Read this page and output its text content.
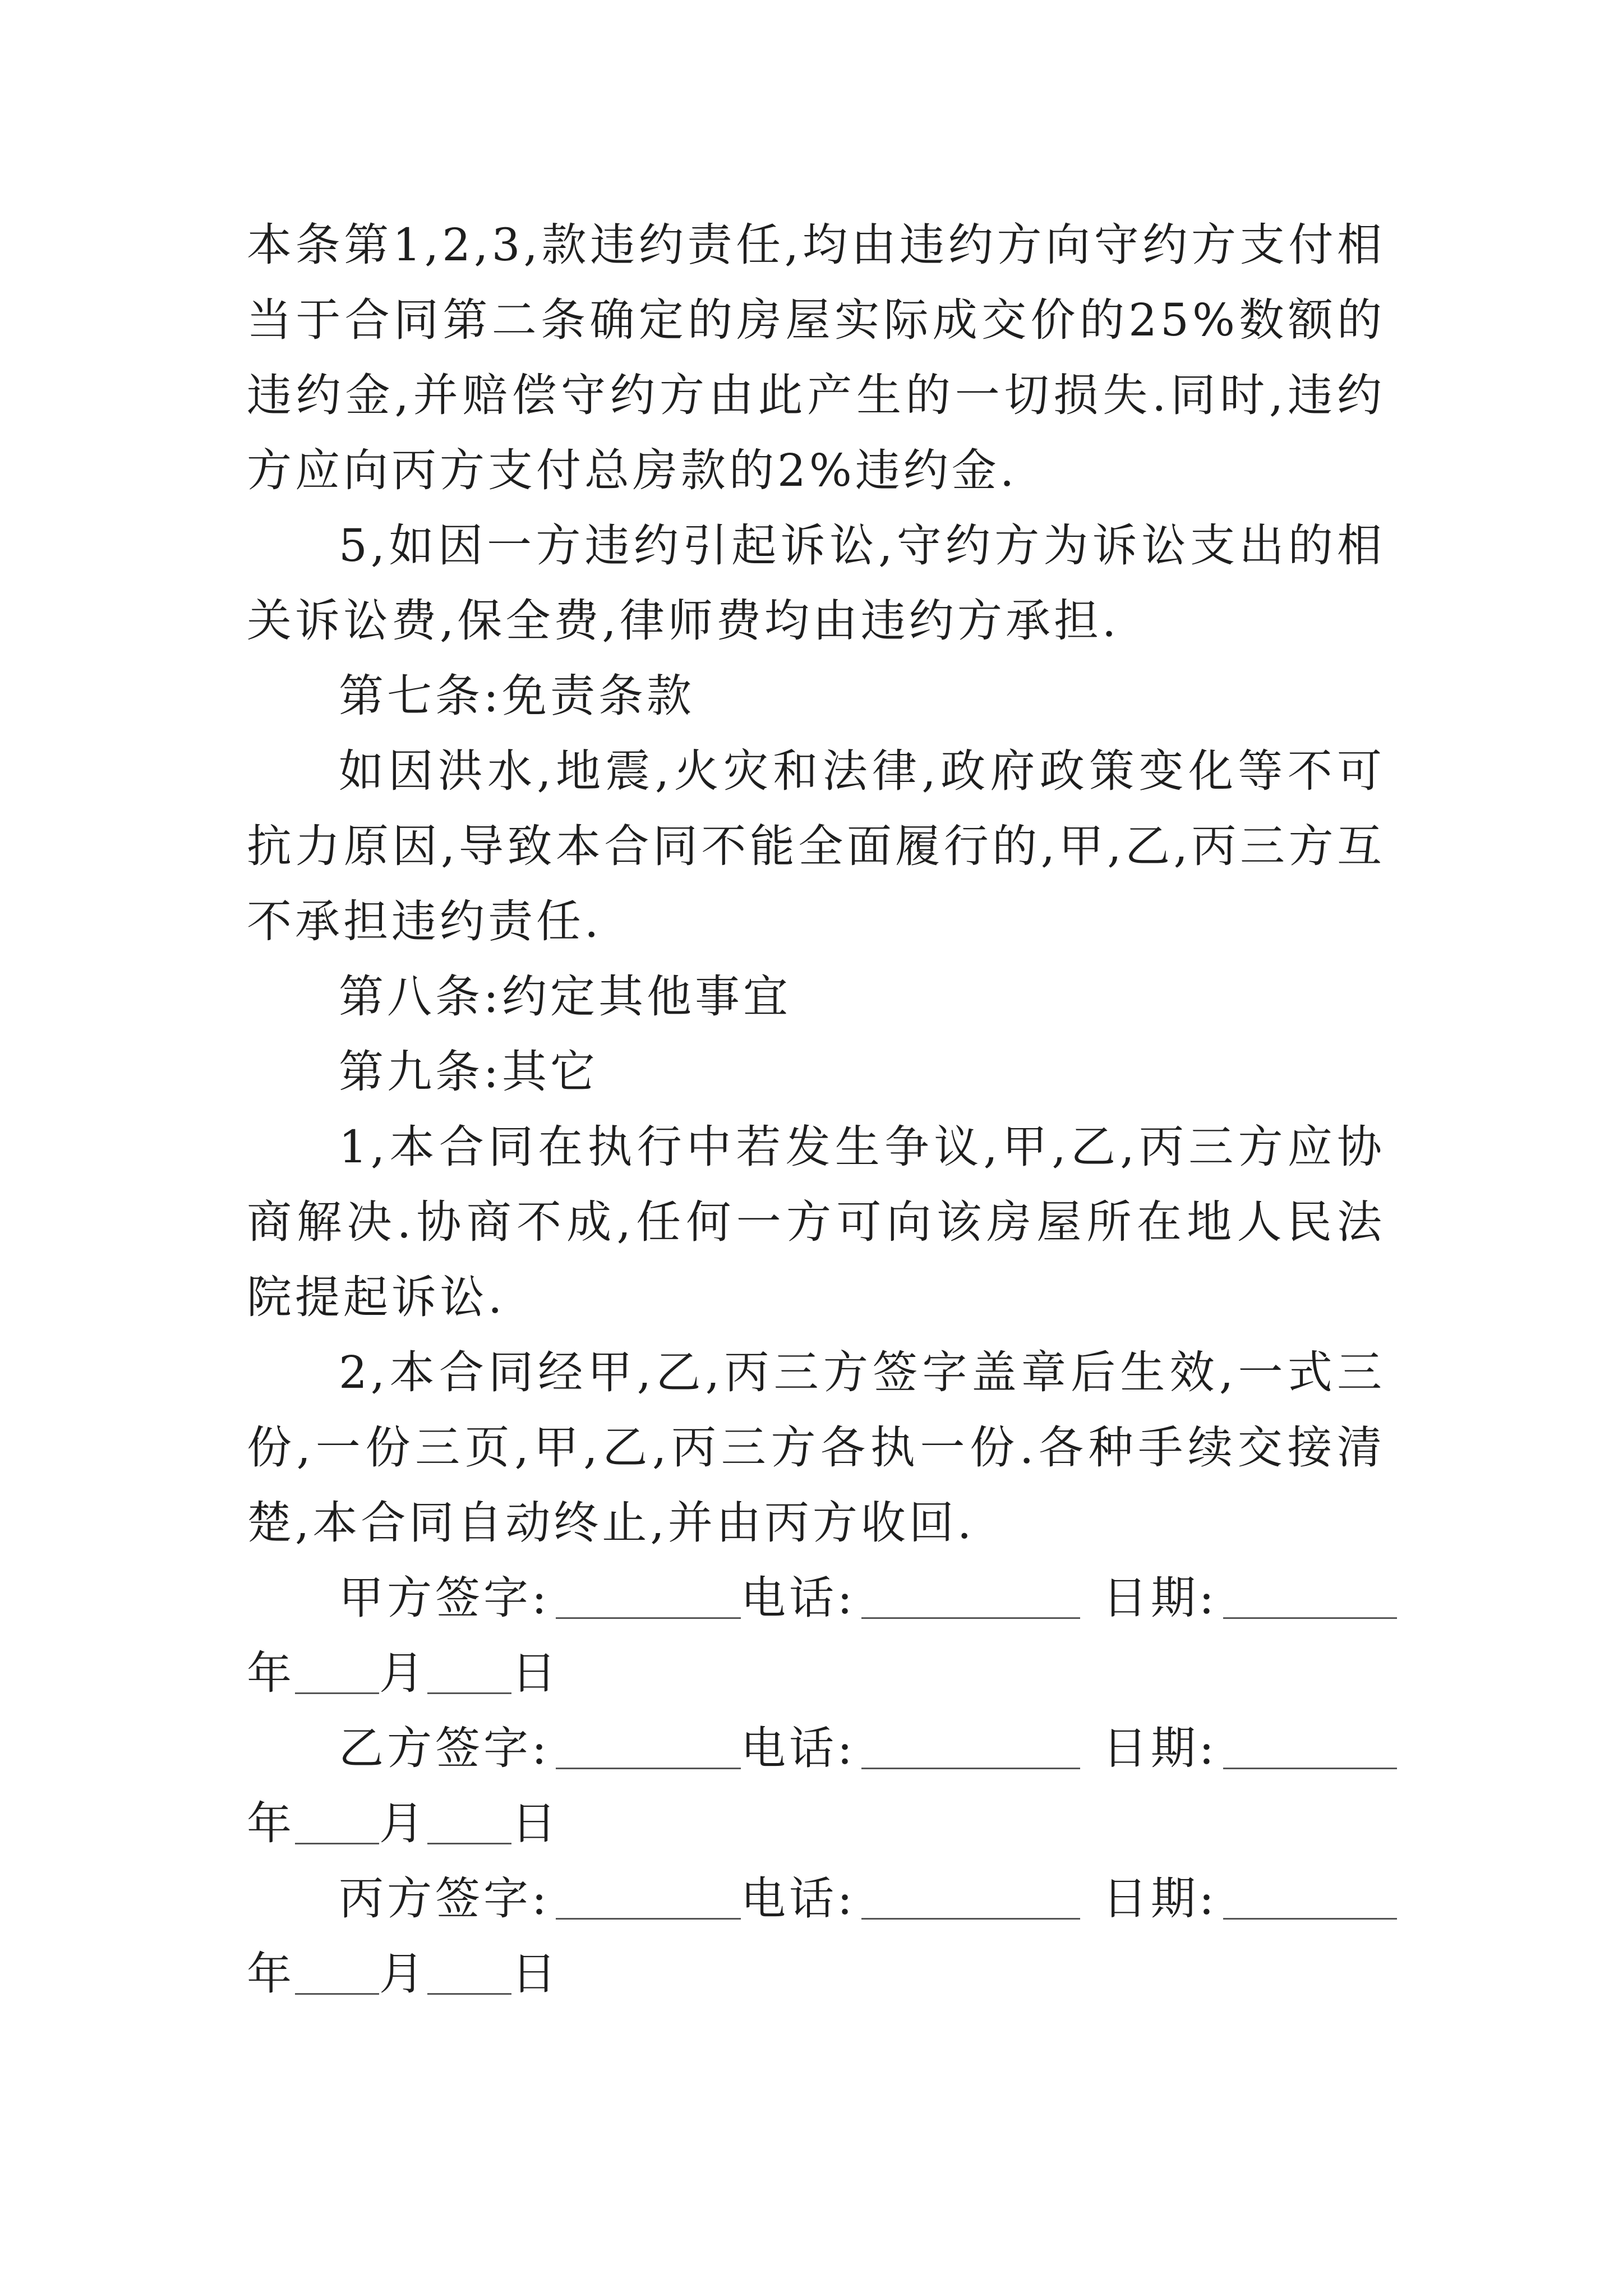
本条第1,2,3,款违约责任,均由违约方向守约方支付相当于合同第二条确定的房屋实际成交价的25%数额的违约金,并赔偿守约方由此产生的一切损失.同时,违约方应向丙方支付总房款的2%违约金.

5,如因一方违约引起诉讼,守约方为诉讼支出的相关诉讼费,保全费,律师费均由违约方承担.

第七条:免责条款

如因洪水,地震,火灾和法律,政府政策变化等不可抗力原因,导致本合同不能全面履行的,甲,乙,丙三方互不承担违约责任.

第八条:约定其他事宜

第九条:其它

1,本合同在执行中若发生争议,甲,乙,丙三方应协商解决.协商不成,任何一方可向该房屋所在地人民法院提起诉讼.

2,本合同经甲,乙,丙三方签字盖章后生效,一式三份,一份三页,甲,乙,丙三方各执一份.各种手续交接清楚,本合同自动终止,并由丙方收回.

甲方签字:	电话:	日期:
年 月 日
乙方签字:	电话:	日期:
年 月 日
丙方签字:	电话:	日期:
年 月 日
